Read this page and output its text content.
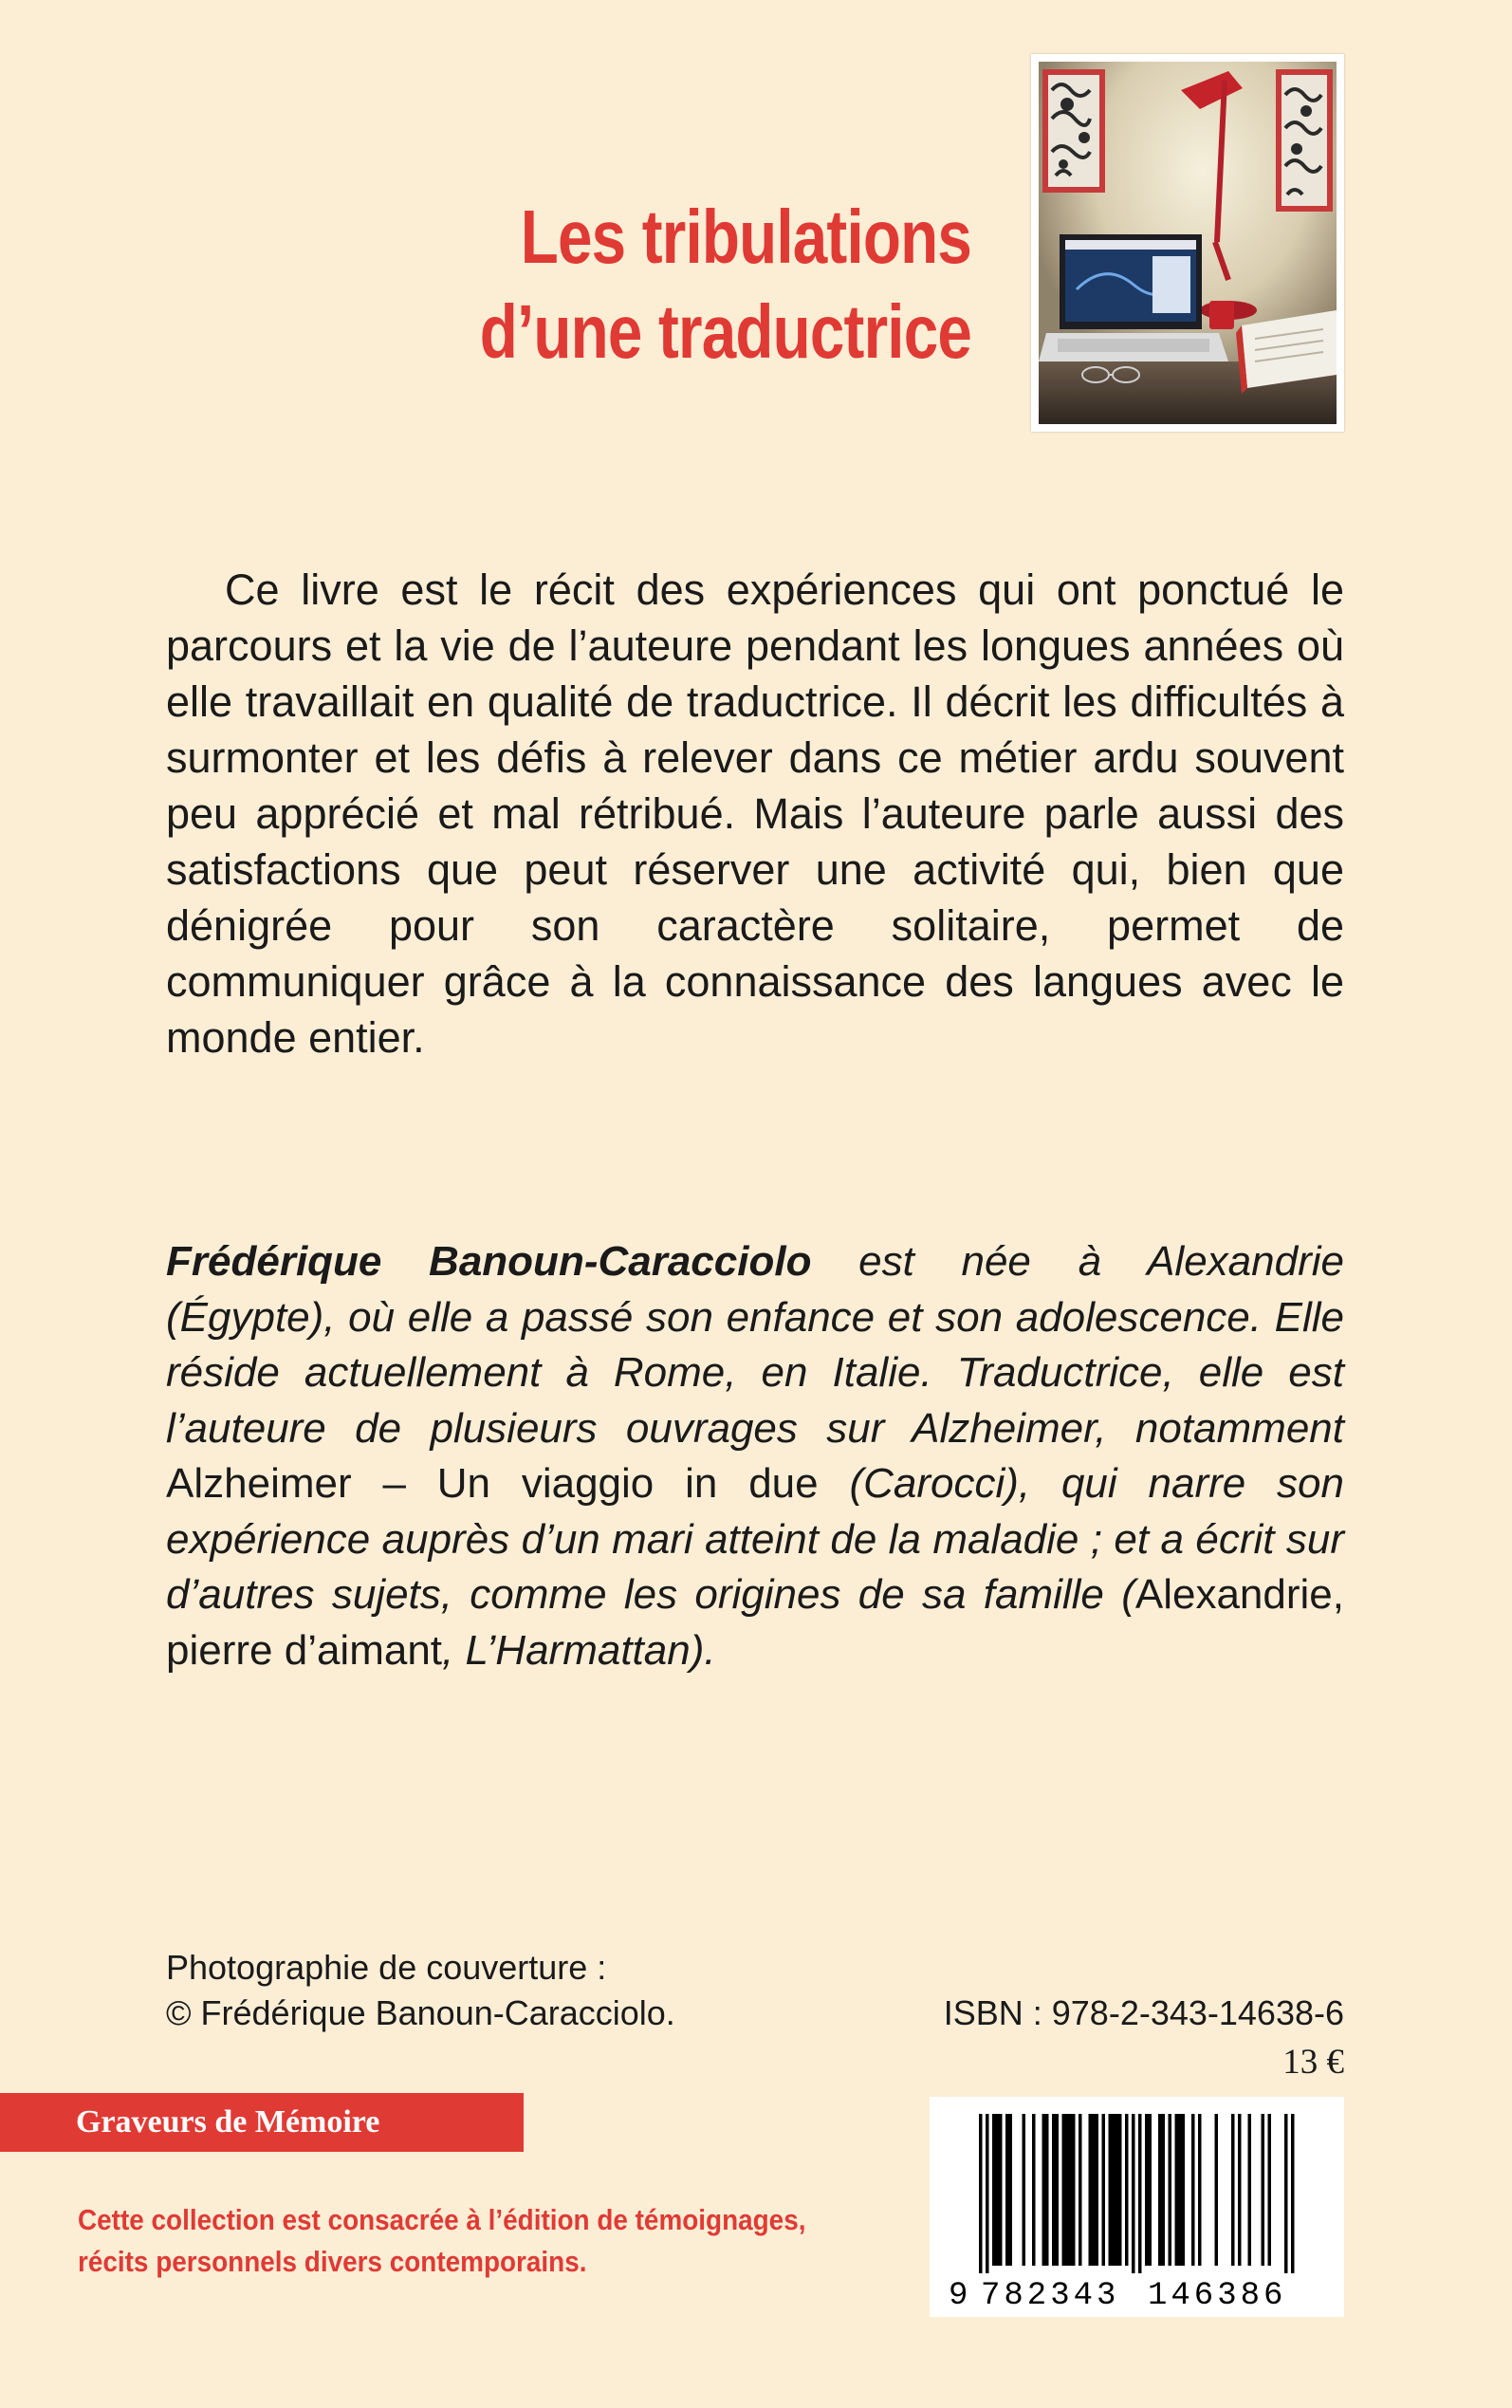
Les tribulations
d’une traductrice

Ce livre est le récit des expériences qui ont ponctué le parcours et la vie de l’auteure pendant les longues années où elle travaillait en qualité de traductrice. Il décrit les difficultés à surmonter et les défis à relever dans ce métier ardu souvent peu apprécié et mal rétribué. Mais l’auteure parle aussi des satisfactions que peut réserver une activité qui, bien que dénigrée pour son caractère solitaire, permet de communiquer grâce à la connaissance des langues avec le monde entier.

Frédérique Banoun-Caracciolo est née à Alexandrie (Égypte), où elle a passé son enfance et son adolescence. Elle réside actuellement à Rome, en Italie. Traductrice, elle est l’auteure de plusieurs ouvrages sur Alzheimer, notamment Alzheimer – Un viaggio in due (Carocci), qui narre son expérience auprès d’un mari atteint de la maladie ; et a écrit sur d’autres sujets, comme les origines de sa famille (Alexandrie, pierre d’aimant, L’Harmattan).

Photographie de couverture :
© Frédérique Banoun-Caracciolo.	ISBN : 978-2-343-14638-6
13 €
Graveurs de Mémoire
Cette collection est consacrée à l’édition de témoignages,
récits personnels divers contemporains.
9 782343 146386
